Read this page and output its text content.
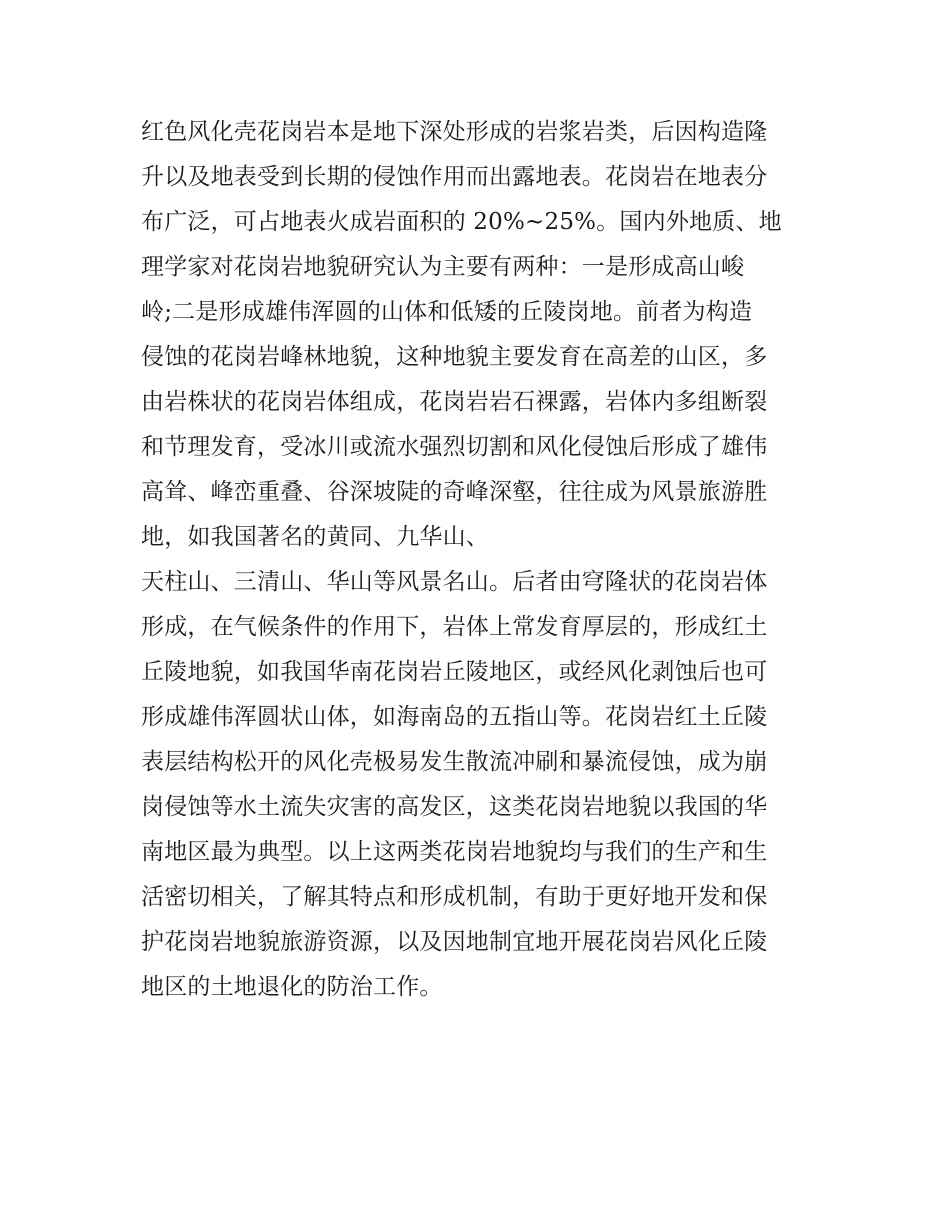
红色风化壳花岗岩本是地下深处形成的岩浆岩类，后因构造隆
升以及地表受到长期的侵蚀作用而出露地表。花岗岩在地表分
布广泛，可占地表火成岩面积的 20%~25%。国内外地质、地
理学家对花岗岩地貌研究认为主要有两种：一是形成高山峻
岭;二是形成雄伟浑圆的山体和低矮的丘陵岗地。前者为构造
侵蚀的花岗岩峰林地貌，这种地貌主要发育在高差的山区，多
由岩株状的花岗岩体组成，花岗岩岩石裸露，岩体内多组断裂
和节理发育，受冰川或流水强烈切割和风化侵蚀后形成了雄伟
高耸、峰峦重叠、谷深坡陡的奇峰深壑，往往成为风景旅游胜
地，如我国著名的黄同、九华山、
天柱山、三清山、华山等风景名山。后者由穹隆状的花岗岩体
形成，在气候条件的作用下，岩体上常发育厚层的，形成红土
丘陵地貌，如我国华南花岗岩丘陵地区，或经风化剥蚀后也可
形成雄伟浑圆状山体，如海南岛的五指山等。花岗岩红土丘陵
表层结构松开的风化壳极易发生散流冲刷和暴流侵蚀，成为崩
岗侵蚀等水土流失灾害的高发区，这类花岗岩地貌以我国的华
南地区最为典型。以上这两类花岗岩地貌均与我们的生产和生
活密切相关，了解其特点和形成机制，有助于更好地开发和保
护花岗岩地貌旅游资源，以及因地制宜地开展花岗岩风化丘陵
地区的土地退化的防治工作。
